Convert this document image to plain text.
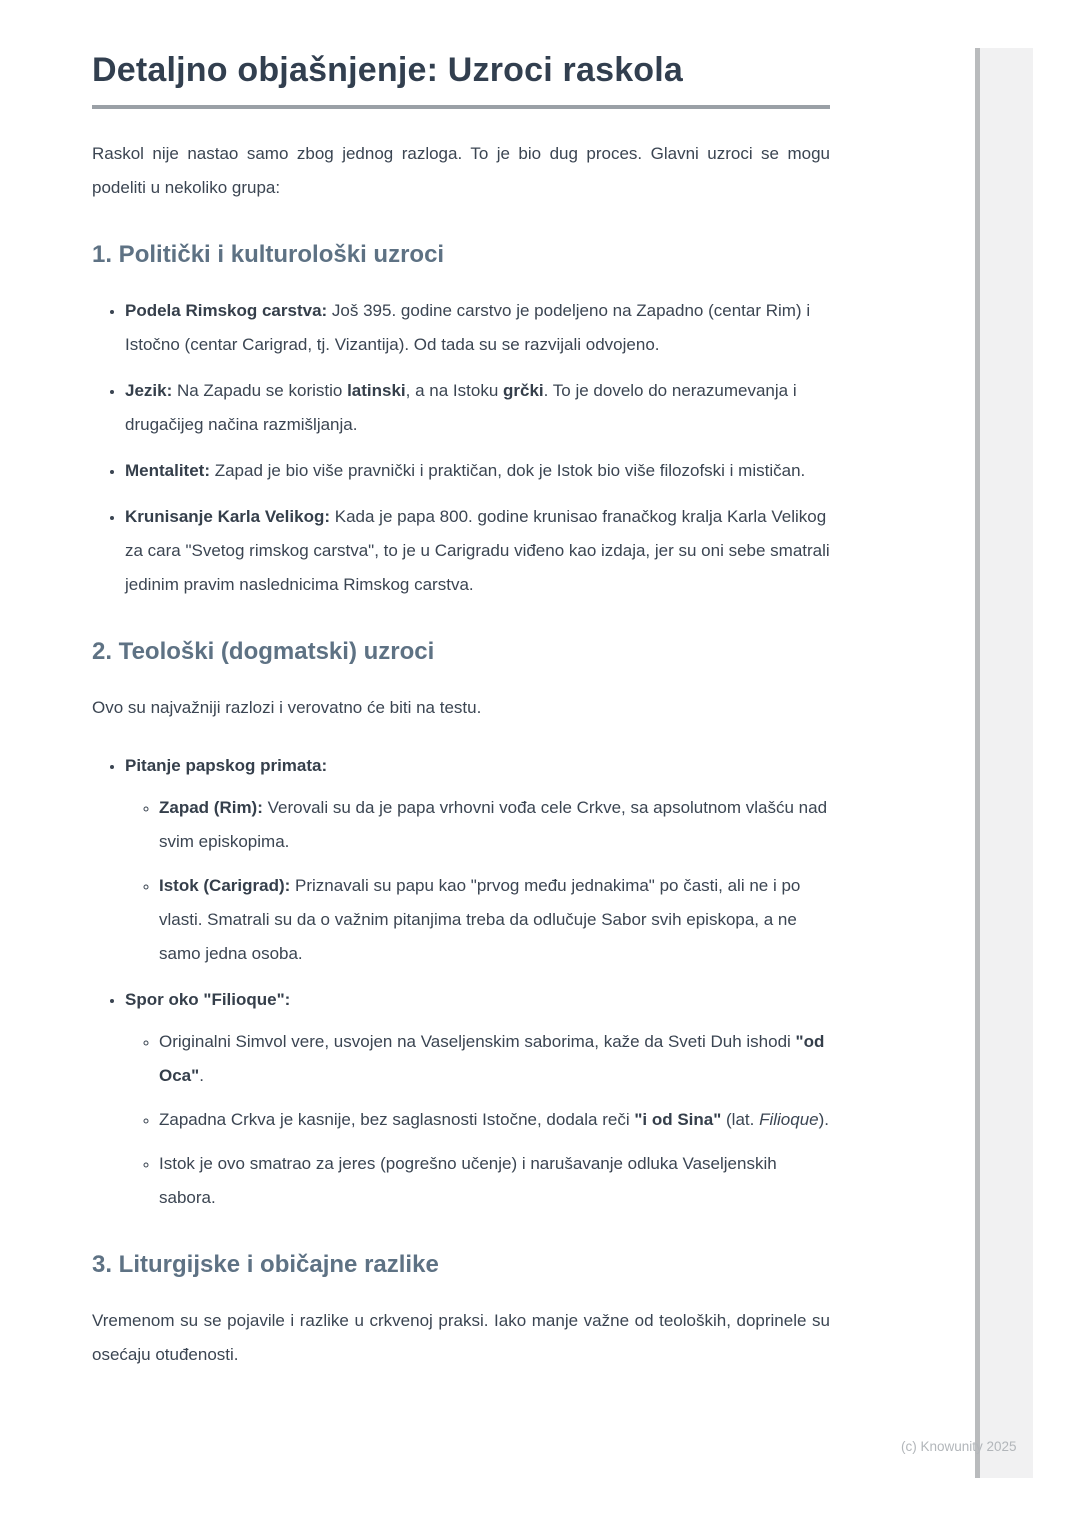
Detaljno objašnjenje: Uzroci raskola

Raskol nije nastao samo zbog jednog razloga. To je bio dug proces. Glavni uzroci se mogu podeliti u nekoliko grupa:

1. Politički i kulturološki uzroci
• Podela Rimskog carstva: Još 395. godine carstvo je podeljeno na Zapadno (centar Rim) i Istočno (centar Carigrad, tj. Vizantija). Od tada su se razvijali odvojeno.
• Jezik: Na Zapadu se koristio latinski, a na Istoku grčki. To je dovelo do nerazumevanja i drugačijeg načina razmišljanja.
• Mentalitet: Zapad je bio više pravnički i praktičan, dok je Istok bio više filozofski i mističan.
• Krunisanje Karla Velikog: Kada je papa 800. godine krunisao franačkog kralja Karla Velikog za cara "Svetog rimskog carstva", to je u Carigradu viđeno kao izdaja, jer su oni sebe smatrali jedinim pravim naslednicima Rimskog carstva.
2. Teološki (dogmatski) uzroci

Ovo su najvažniji razlozi i verovatno će biti na testu.

• Pitanje papskog primata:
◦ Zapad (Rim): Verovali su da je papa vrhovni vođa cele Crkve, sa apsolutnom vlašću nad svim episkopima.
◦ Istok (Carigrad): Priznavali su papu kao "prvog među jednakima" po časti, ali ne i po vlasti. Smatrali su da o važnim pitanjima treba da odlučuje Sabor svih episkopa, a ne samo jedna osoba.
• Spor oko "Filioque":
◦ Originalni Simvol vere, usvojen na Vaseljenskim saborima, kaže da Sveti Duh ishodi "od Oca".
◦ Zapadna Crkva je kasnije, bez saglasnosti Istočne, dodala reči "i od Sina" (lat. Filioque).
◦ Istok je ovo smatrao za jeres (pogrešno učenje) i narušavanje odluka Vaseljenskih sabora.
3. Liturgijske i običajne razlike

Vremenom su se pojavile i razlike u crkvenoj praksi. Iako manje važne od teoloških, doprinele su osećaju otuđenosti.

(c) Knowunity 2025
